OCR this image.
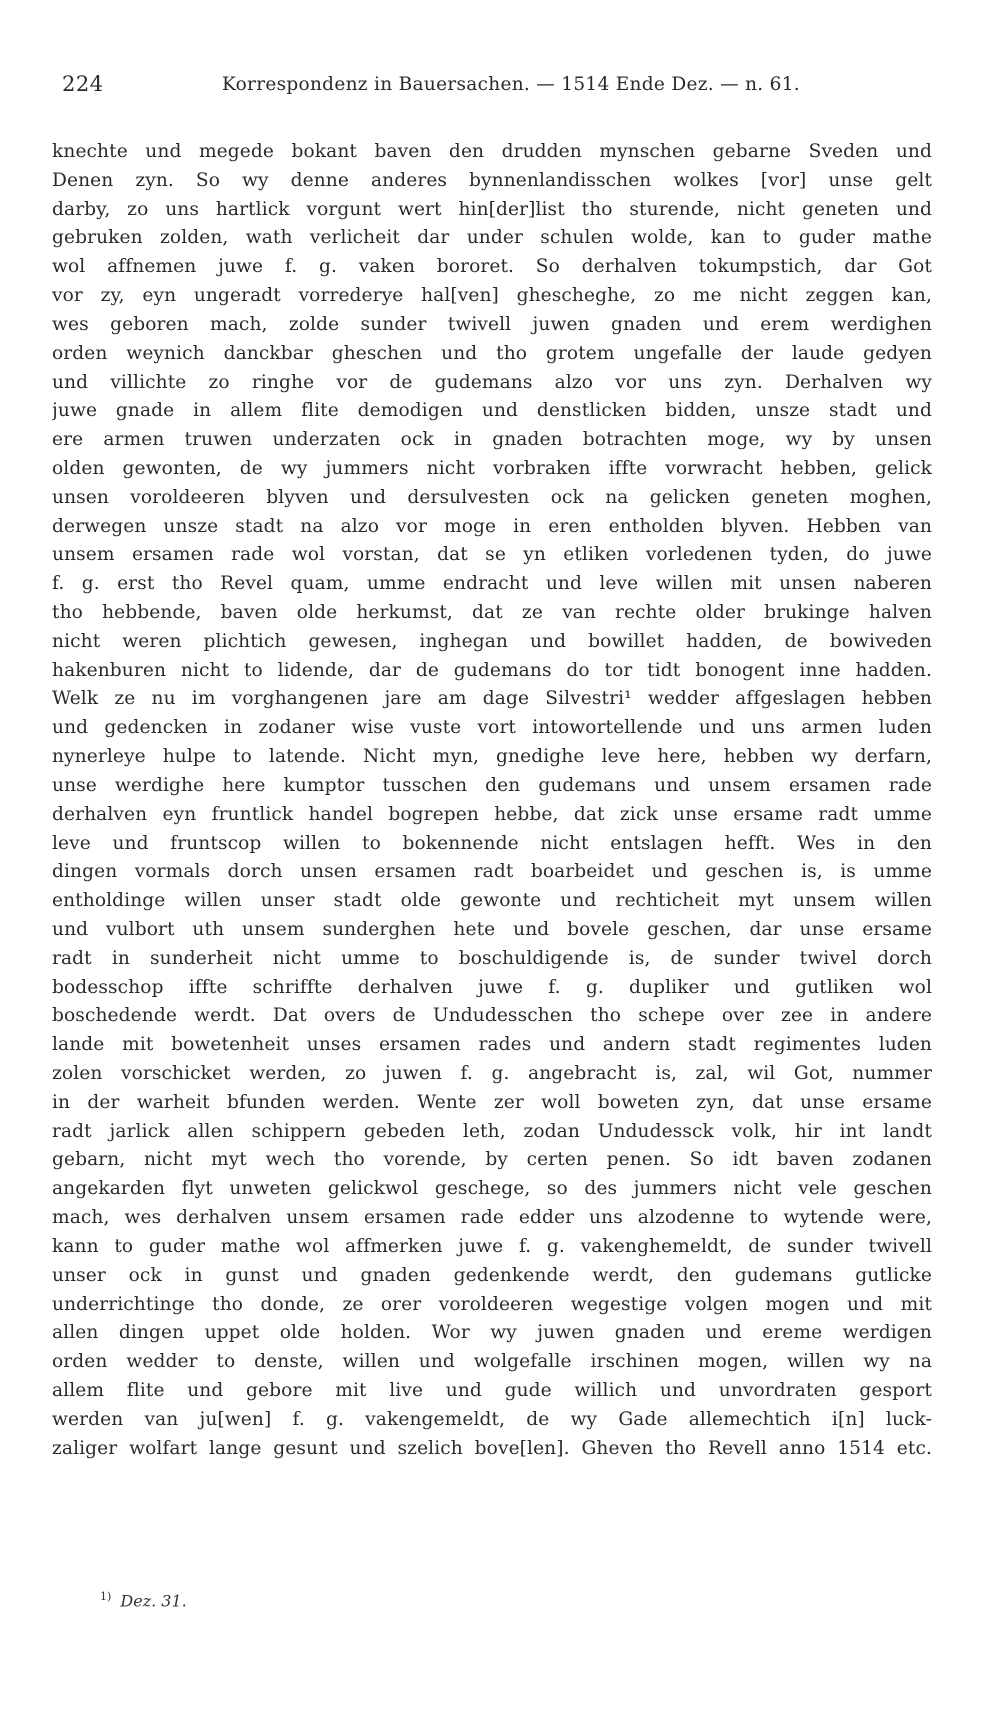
224	Korrespondenz in Bauersachen. — 1514 Ende Dez. — n. 61.
knechte und megede bokant baven den drudden mynschen gebarne Sveden und
Denen zyn. So wy denne anderes bynnenlandisschen wolkes [vor] unse gelt
darby, zo uns hartlick vorgunt wert hin[der]list tho sturende, nicht geneten und
gebruken zolden, wath verlicheit dar under schulen wolde, kan to guder mathe
wol affnemen juwe f. g. vaken bororet. So derhalven tokumpstich, dar Got
vor zy, eyn ungeradt vorrederye hal[ven] ghescheghe, zo me nicht zeggen kan,
wes geboren mach, zolde sunder twivell juwen gnaden und erem werdighen
orden weynich danckbar gheschen und tho grotem ungefalle der laude gedyen
und villichte zo ringhe vor de gudemans alzo vor uns zyn. Derhalven wy
juwe gnade in allem flite demodigen und denstlicken bidden, unsze stadt und
ere armen truwen underzaten ock in gnaden botrachten moge, wy by unsen
olden gewonten, de wy jummers nicht vorbraken iffte vorwracht hebben, gelick
unsen voroldeeren blyven und dersulvesten ock na gelicken geneten moghen,
derwegen unsze stadt na alzo vor moge in eren entholden blyven. Hebben van
unsem ersamen rade wol vorstan, dat se yn etliken vorledenen tyden, do juwe
f. g. erst tho Revel quam, umme endracht und leve willen mit unsen naberen
tho hebbende, baven olde herkumst, dat ze van rechte older brukinge halven
nicht weren plichtich gewesen, inghegan und bowillet hadden, de bowiveden
hakenburen nicht to lidende, dar de gudemans do tor tidt bonogent inne hadden.
Welk ze nu im vorghangenen jare am dage Silvestri¹ wedder affgeslagen hebben
und gedencken in zodaner wise vuste vort intowortellende und uns armen luden
nynerleye hulpe to latende. Nicht myn, gnedighe leve here, hebben wy derfarn,
unse werdighe here kumptor tusschen den gudemans und unsem ersamen rade
derhalven eyn fruntlick handel bogrepen hebbe, dat zick unse ersame radt umme
leve und fruntscop willen to bokennende nicht entslagen hefft. Wes in den
dingen vormals dorch unsen ersamen radt boarbeidet und geschen is, is umme
entholdinge willen unser stadt olde gewonte und rechticheit myt unsem willen
und vulbort uth unsem sunderghen hete und bovele geschen, dar unse ersame
radt in sunderheit nicht umme to boschuldigende is, de sunder twivel dorch
bodesschop iffte schriffte derhalven juwe f. g. dupliker und gutliken wol
boschedende werdt. Dat overs de Undudesschen tho schepe over zee in andere
lande mit bowetenheit unses ersamen rades und andern stadt regimentes luden
zolen vorschicket werden, zo juwen f. g. angebracht is, zal, wil Got, nummer
in der warheit bfunden werden. Wente zer woll boweten zyn, dat unse ersame
radt jarlick allen schippern gebeden leth, zodan Undudessck volk, hir int landt
gebarn, nicht myt wech tho vorende, by certen penen. So idt baven zodanen
angekarden flyt unweten gelickwol geschege, so des jummers nicht vele geschen
mach, wes derhalven unsem ersamen rade edder uns alzodenne to wytende were,
kann to guder mathe wol affmerken juwe f. g. vakenghemeldt, de sunder twivell
unser ock in gunst und gnaden gedenkende werdt, den gudemans gutlicke
underrichtinge tho donde, ze orer voroldeeren wegestige volgen mogen und mit
allen dingen uppet olde holden. Wor wy juwen gnaden und ereme werdigen
orden wedder to denste, willen und wolgefalle irschinen mogen, willen wy na
allem flite und gebore mit live und gude willich und unvordraten gesport
werden van ju[wen] f. g. vakengemeldt, de wy Gade allemechtich i[n] luck-
zaliger wolfart lange gesunt und szelich bove[len]. Gheven tho Revell anno 1514 etc.
$^{1)}$ Dez. 31.
